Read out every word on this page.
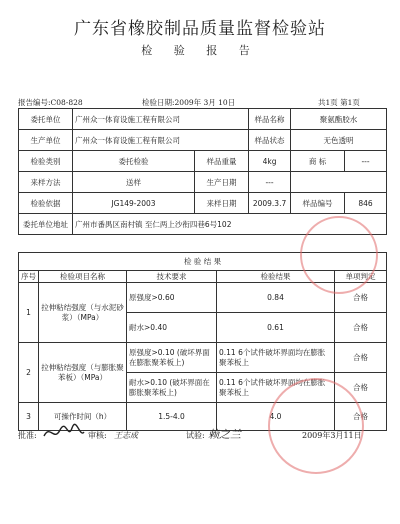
广东省橡胶制品质量监督检验站
检 验 报 告
报告编号:C08-828	检验日期:2009年 3月 10日	共1页 第1页
委托单位	广州众一体育设施工程有限公司		样品名称	聚氨酯胶水	
生产单位	广州众一体育设施工程有限公司		样品状态	无色透明	
检验类别	委托检验	样品重量	4kg	商 标	---
来样方法	送样	生产日期	---		
检验依据	JG149-2003	来样日期	2009.3.7	样品编号	846
委托单位地址	广州市番禺区南村镇 至仁两上沙衔四巷6号102				
检 验 结 果				
序号	检验项目名称	技术要求	检验结果	单项判定
1	拉伸粘结强度（与水泥砂浆）（MPa）	原强度>0.60	0.84	合格
		耐水>0.40	0.61	合格
2	拉伸粘结强度（与膨胀聚苯板）（MPa）	原强度>0.10 (破坏界面在膨胀聚苯板上)	0.11 6个试件破坏界面均在膨胀聚苯板上	合格
		耐水>0.10 (破坏界面在膨胀聚苯板上)	0.11 6个试件破坏界面均在膨胀聚苯板上	合格
3	可操作时间（h）	1.5-4.0	4.0	合格
批准:	审核: 王志成	试验: 赖之兰	2009年3月11日
